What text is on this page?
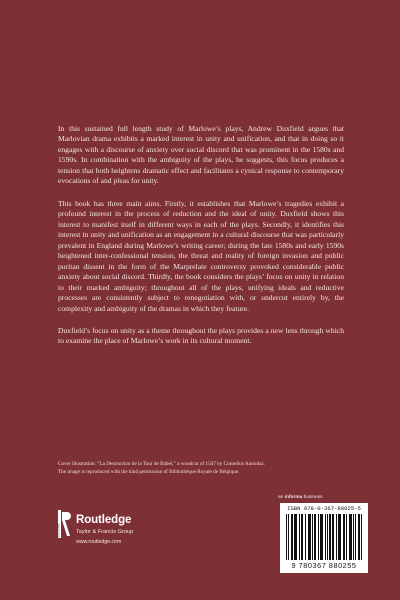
In this sustained full length study of Marlowe’s plays, Andrew Duxfield argues that Marlovian drama exhibits a marked interest in unity and unification, and that in doing so it engages with a discourse of anxiety over social discord that was prominent in the 1580s and 1590s. In combination with the ambiguity of the plays, he suggests, this focus produces a tension that both heightens dramatic effect and facilitates a cynical response to contemporary evocations of and pleas for unity.

This book has three main aims. Firstly, it establishes that Marlowe’s tragedies exhibit a profound interest in the process of reduction and the ideal of unity. Duxfield shows this interest to manifest itself in different ways in each of the plays. Secondly, it identifies this interest in unity and unification as an engagement in a cultural discourse that was particularly prevalent in England during Marlowe’s writing career; during the late 1580s and early 1590s heightened inter-confessional tension, the threat and reality of foreign invasion and public puritan dissent in the form of the Marprelate controversy provoked considerable public anxiety about social discord. Thirdly, the book considers the plays’ focus on unity in relation to their marked ambiguity; throughout all of the plays, unifying ideals and reductive processes are consistently subject to renegotiation with, or undercut entirely by, the complexity and ambiguity of the dramas in which they feature.

Duxfield’s focus on unity as a theme throughout the plays provides a new lens through which to examine the place of Marlowe’s work in its cultural moment.

Cover illustration: “La Destruction de la Tour de Babel,” a woodcut of 1547 by Cornelius Antonisz.
The image is reproduced with the kind permission of Bibliothèque Royale de Belgique.
an informa business
ROUTLEDGE
Routledge
Taylor & Francis Group
www.routledge.com
ISBN 978-0-367-88025-5
9 780367 880255
